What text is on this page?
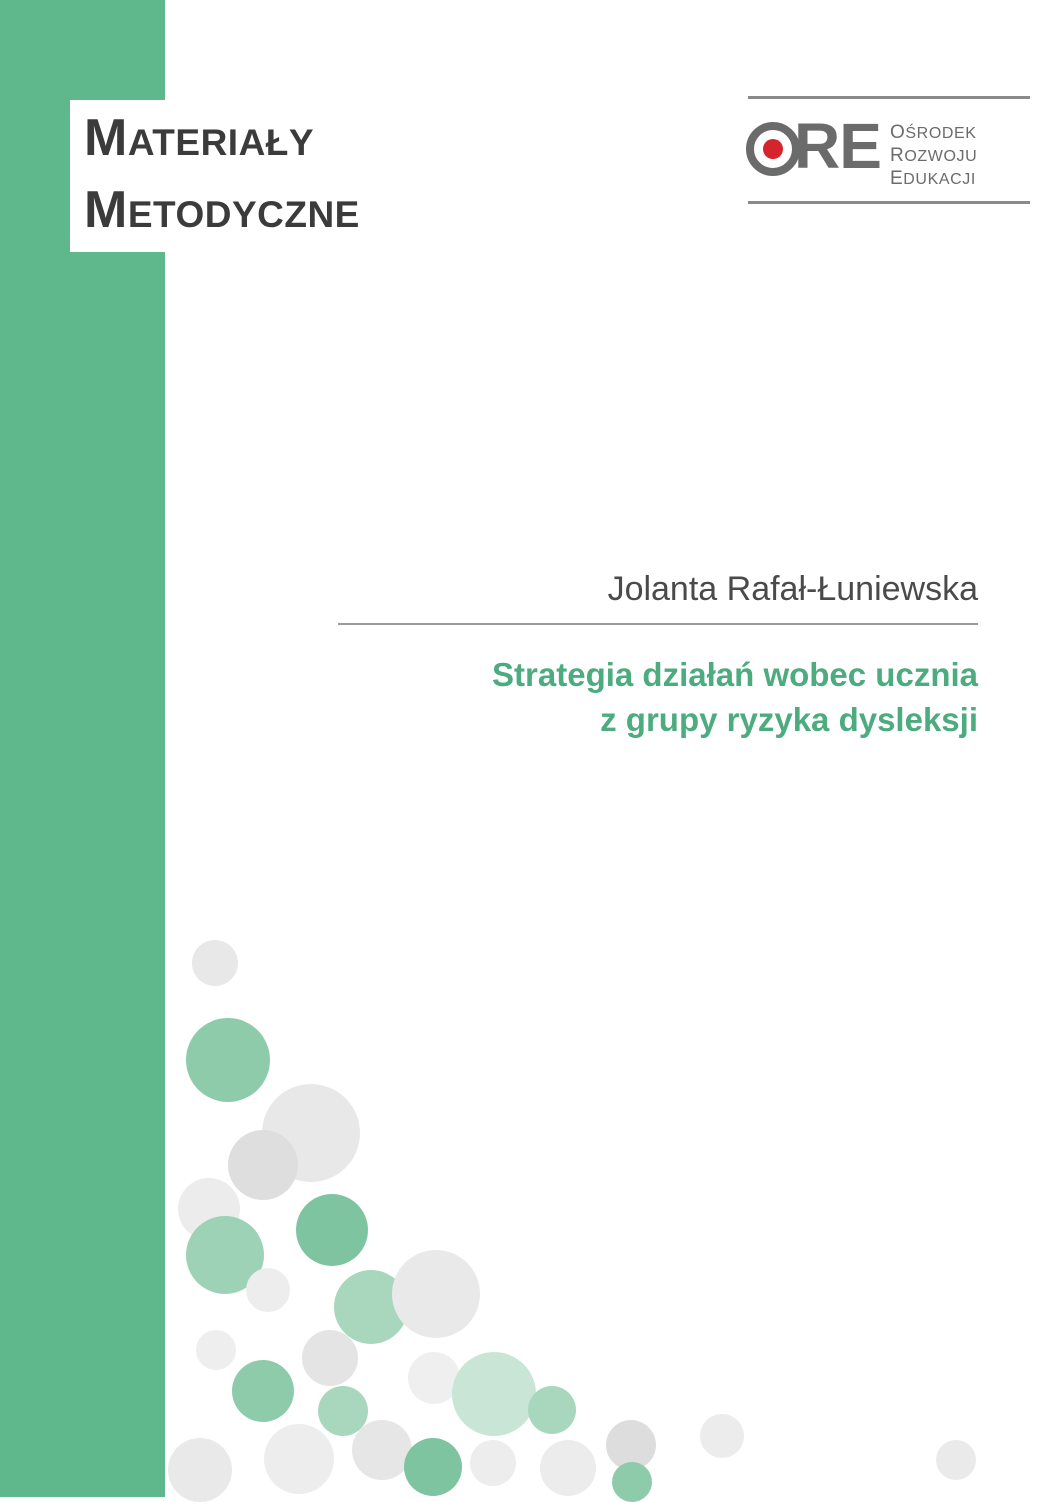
MATERIAŁY
METODYCZNE
RE OŚRODEK
ROZWOJU
EDUKACJI
Jolanta Rafał-Łuniewska
Strategia działań wobec ucznia
z grupy ryzyka dysleksji
